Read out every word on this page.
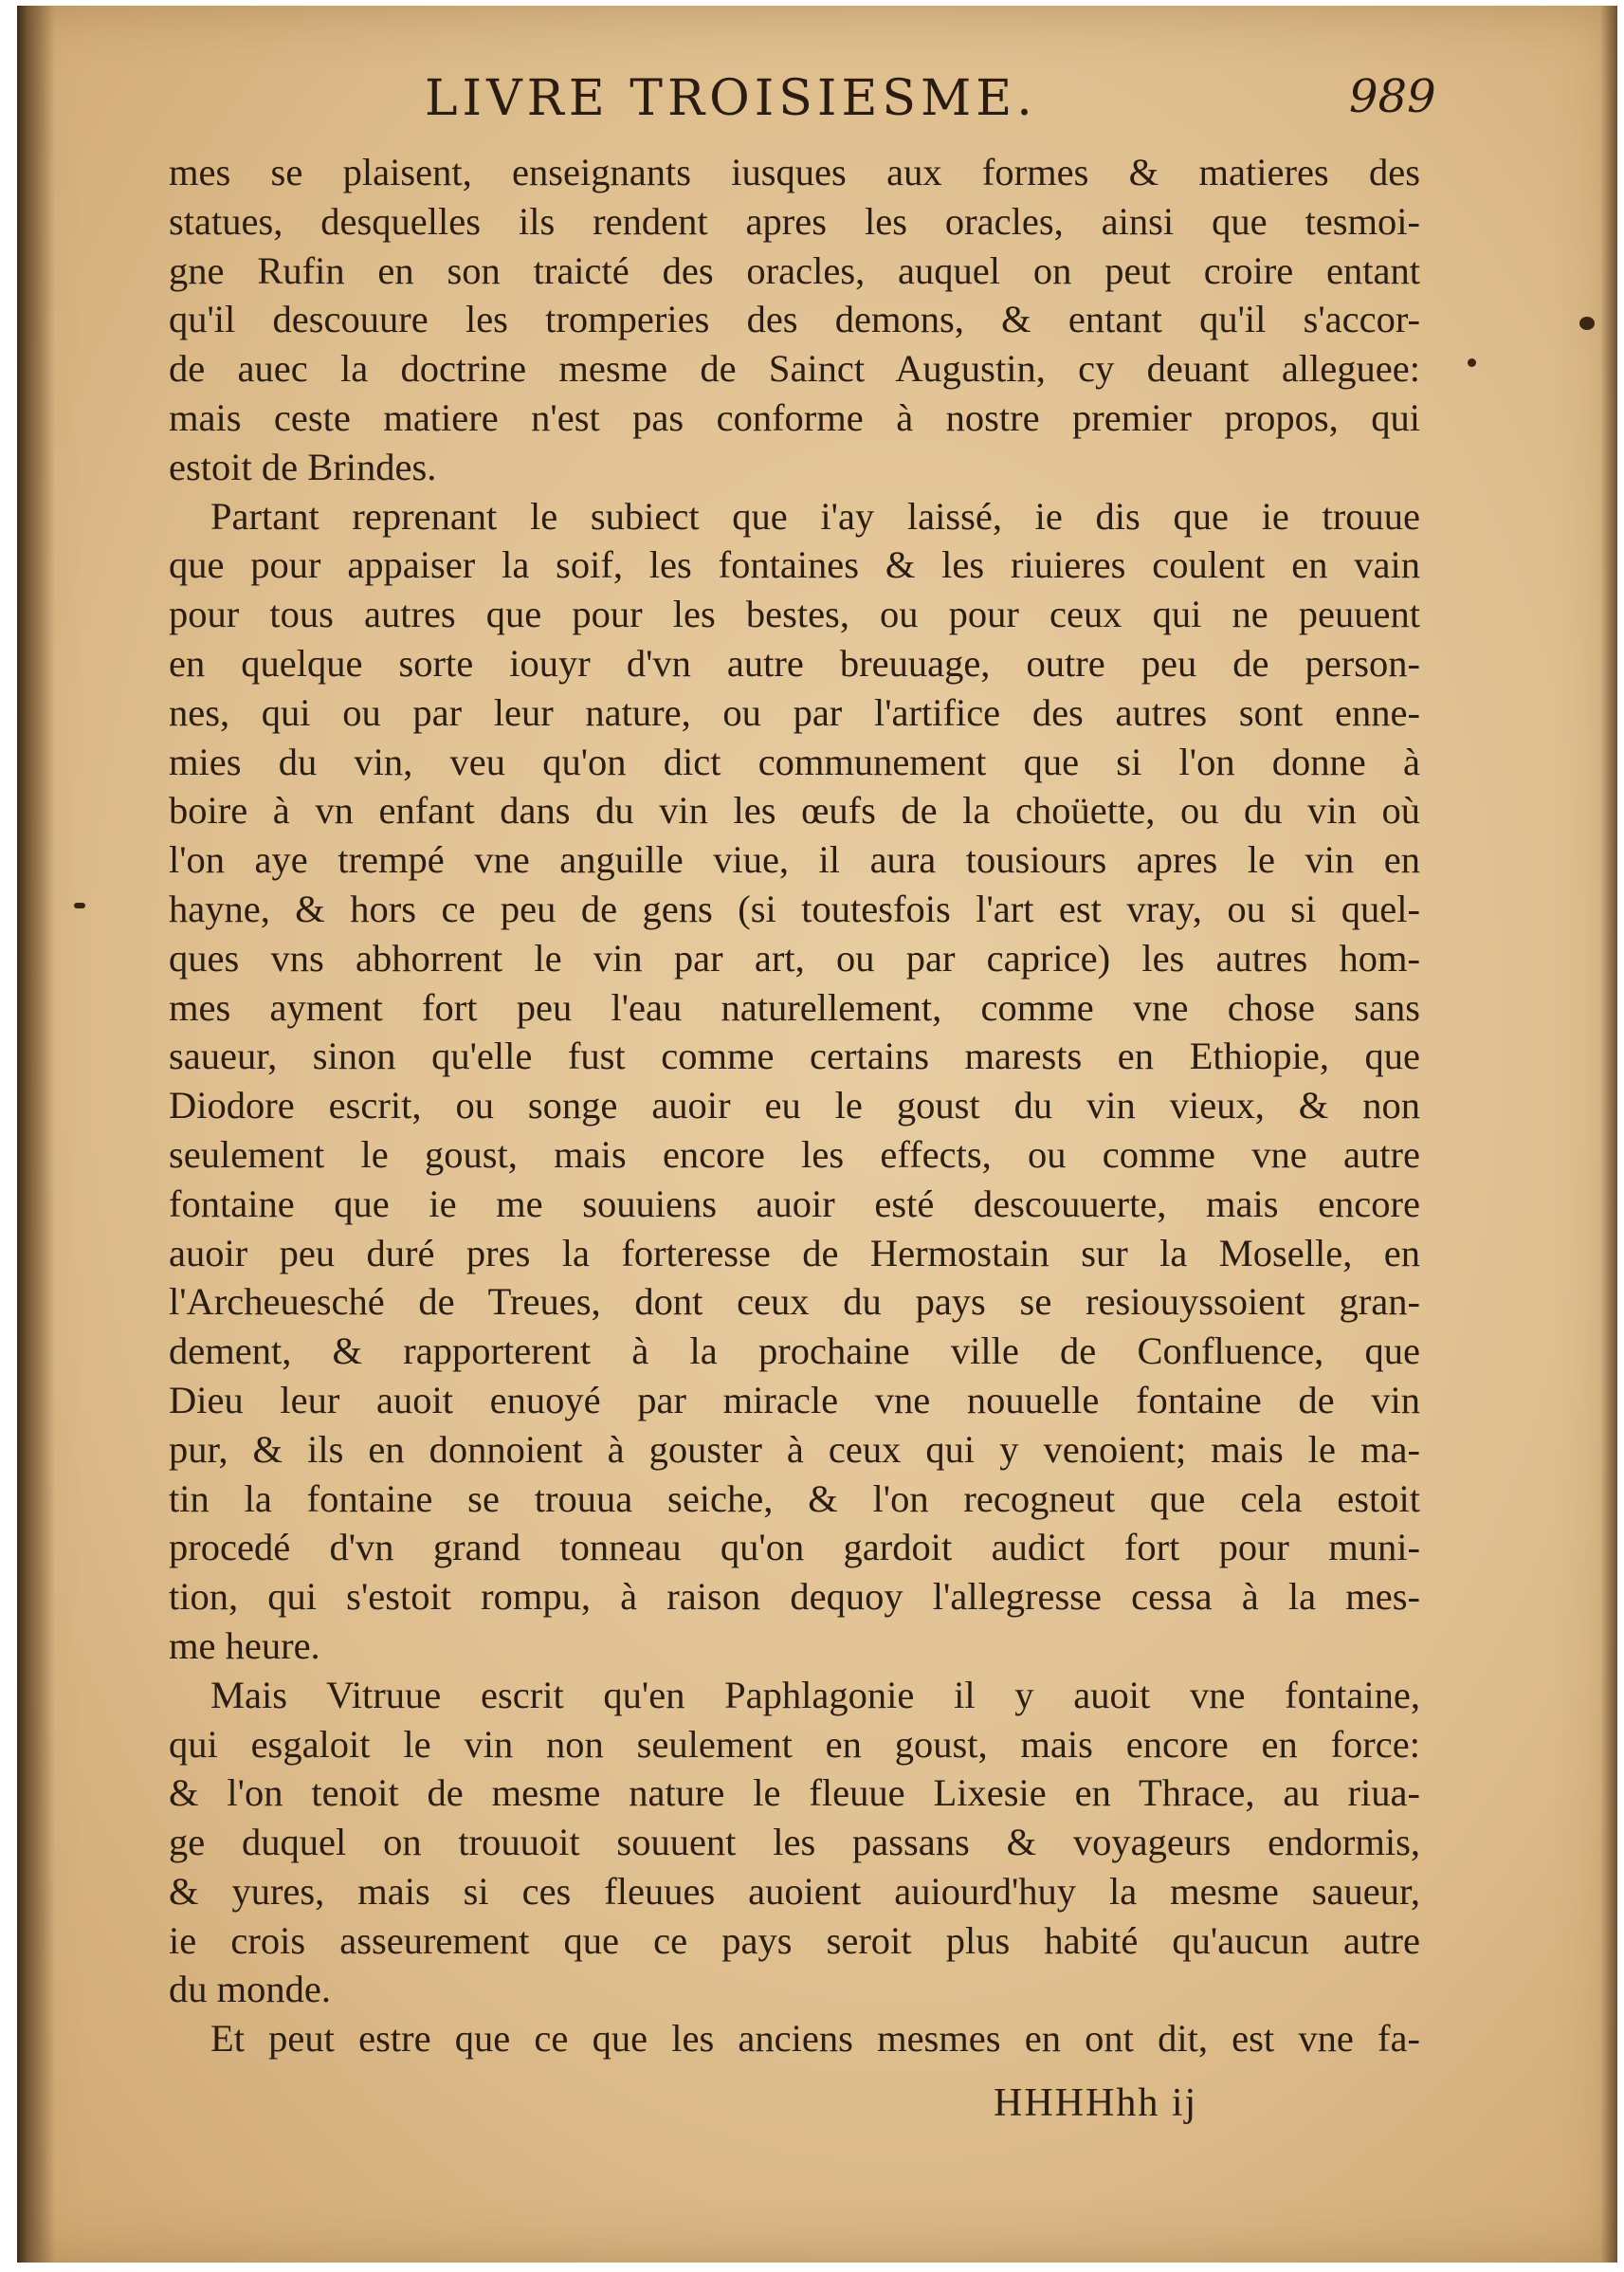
LIVRE TROISIESME.	989
mes se plaisent, enseignants iusques aux formes & matieres des
statues, desquelles ils rendent apres les oracles, ainsi que tesmoi-
gne Rufin en son traicté des oracles, auquel on peut croire entant
qu'il descouure les tromperies des demons, & entant qu'il s'accor-
de auec la doctrine mesme de Sainct Augustin, cy deuant alleguee:
mais ceste matiere n'est pas conforme à nostre premier propos, qui
estoit de Brindes.
Partant reprenant le subiect que i'ay laissé, ie dis que ie trouue
que pour appaiser la soif, les fontaines & les riuieres coulent en vain
pour tous autres que pour les bestes, ou pour ceux qui ne peuuent
en quelque sorte iouyr d'vn autre breuuage, outre peu de person-
nes, qui ou par leur nature, ou par l'artifice des autres sont enne-
mies du vin, veu qu'on dict communement que si l'on donne à
boire à vn enfant dans du vin les œufs de la choüette, ou du vin où
l'on aye trempé vne anguille viue, il aura tousiours apres le vin en
hayne, & hors ce peu de gens (si toutesfois l'art est vray, ou si quel-
ques vns abhorrent le vin par art, ou par caprice) les autres hom-
mes ayment fort peu l'eau naturellement, comme vne chose sans
saueur, sinon qu'elle fust comme certains marests en Ethiopie, que
Diodore escrit, ou songe auoir eu le goust du vin vieux, & non
seulement le goust, mais encore les effects, ou comme vne autre
fontaine que ie me souuiens auoir esté descouuerte, mais encore
auoir peu duré pres la forteresse de Hermostain sur la Moselle, en
l'Archeuesché de Treues, dont ceux du pays se resiouyssoient gran-
dement, & rapporterent à la prochaine ville de Confluence, que
Dieu leur auoit enuoyé par miracle vne nouuelle fontaine de vin
pur, & ils en donnoient à gouster à ceux qui y venoient; mais le ma-
tin la fontaine se trouua seiche, & l'on recogneut que cela estoit
procedé d'vn grand tonneau qu'on gardoit audict fort pour muni-
tion, qui s'estoit rompu, à raison dequoy l'allegresse cessa à la mes-
me heure.
Mais Vitruue escrit qu'en Paphlagonie il y auoit vne fontaine,
qui esgaloit le vin non seulement en goust, mais encore en force:
& l'on tenoit de mesme nature le fleuue Lixesie en Thrace, au riua-
ge duquel on trouuoit souuent les passans & voyageurs endormis,
& yures, mais si ces fleuues auoient auiourd'huy la mesme saueur,
ie crois asseurement que ce pays seroit plus habité qu'aucun autre
du monde.
Et peut estre que ce que les anciens mesmes en ont dit, est vne fa-
HHHHhh ij
